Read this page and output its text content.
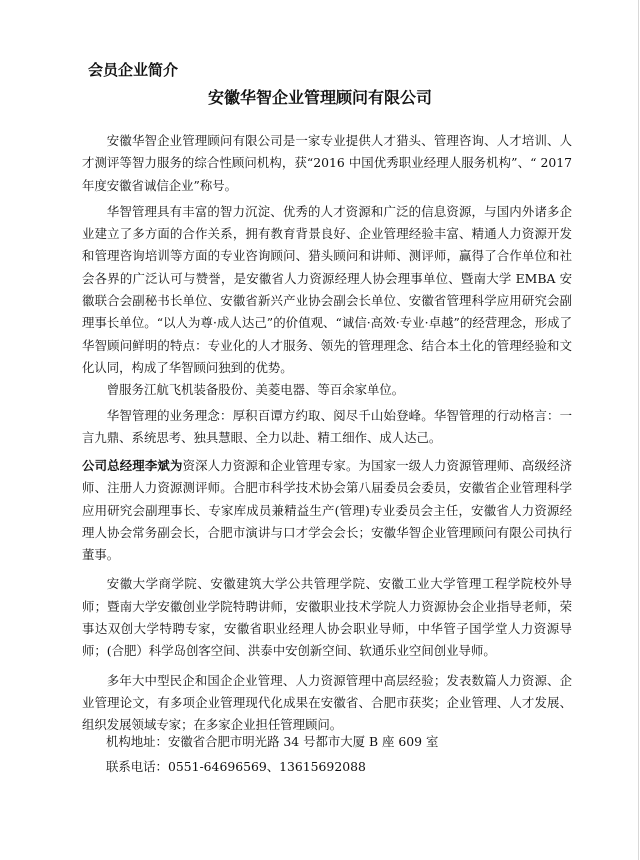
会员企业简介
安徽华智企业管理顾问有限公司

安徽华智企业管理顾问有限公司是一家专业提供人才猎头、管理咨询、人才培训、人才测评等智力服务的综合性顾问机构，获“2016 中国优秀职业经理人服务机构”、“ 2017 年度安徽省诚信企业”称号。

华智管理具有丰富的智力沉淀、优秀的人才资源和广泛的信息资源，与国内外诸多企业建立了多方面的合作关系，拥有教育背景良好、企业管理经验丰富、精通人力资源开发和管理咨询培训等方面的专业咨询顾问、猎头顾问和讲师、测评师，赢得了合作单位和社会各界的广泛认可与赞誉，是安徽省人力资源经理人协会理事单位、暨南大学 EMBA 安徽联合会副秘书长单位、安徽省新兴产业协会副会长单位、安徽省管理科学应用研究会副理事长单位。“以人为尊·成人达己”的价值观、“诚信·高效·专业·卓越”的经营理念，形成了华智顾问鲜明的特点：专业化的人才服务、领先的管理理念、结合本土化的管理经验和文化认同，构成了华智顾问独到的优势。

曾服务江航飞机装备股份、美菱电器、等百余家单位。

华智管理的业务理念：厚积百谭方约取、阅尽千山始登峰。华智管理的行动格言：一言九鼎、系统思考、独具慧眼、全力以赴、精工细作、成人达己。

公司总经理李斌为资深人力资源和企业管理专家。为国家一级人力资源管理师、高级经济师、注册人力资源测评师。合肥市科学技术协会第八届委员会委员，安徽省企业管理科学应用研究会副理事长、专家库成员兼精益生产(管理)专业委员会主任，安徽省人力资源经理人协会常务副会长，合肥市演讲与口才学会会长；安徽华智企业管理顾问有限公司执行董事。

安徽大学商学院、安徽建筑大学公共管理学院、安徽工业大学管理工程学院校外导师；暨南大学安徽创业学院特聘讲师，安徽职业技术学院人力资源协会企业指导老师，荣事达双创大学特聘专家，安徽省职业经理人协会职业导师，中华管子国学堂人力资源导师；(合肥）科学岛创客空间、洪泰中安创新空间、软通乐业空间创业导师。

多年大中型民企和国企企业管理、人力资源管理中高层经验；发表数篇人力资源、企业管理论文，有多项企业管理现代化成果在安徽省、合肥市获奖；企业管理、人才发展、组织发展领域专家；在多家企业担任管理顾问。

机构地址：安徽省合肥市明光路 34 号都市大厦 B 座 609 室
联系电话：0551-64696569、13615692088
